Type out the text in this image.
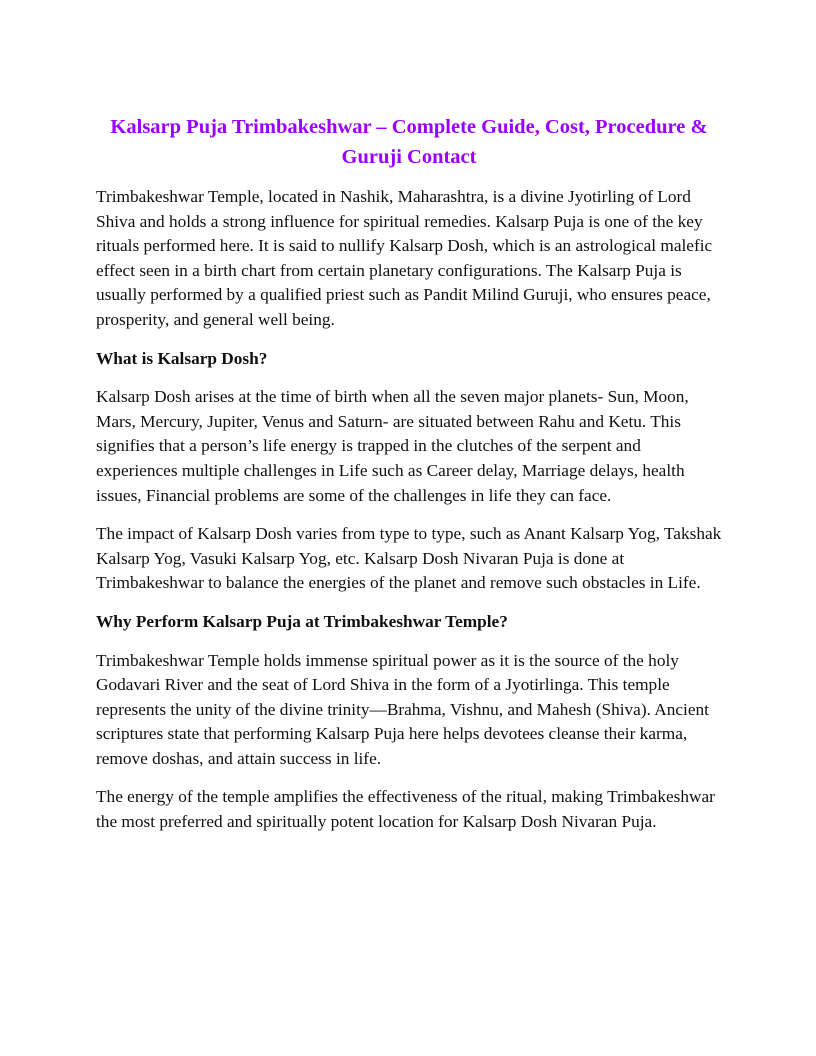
Kalsarp Puja Trimbakeshwar – Complete Guide, Cost, Procedure & Guruji Contact

Trimbakeshwar Temple, located in Nashik, Maharashtra, is a divine Jyotirling of Lord Shiva and holds a strong influence for spiritual remedies. Kalsarp Puja is one of the key rituals performed here. It is said to nullify Kalsarp Dosh, which is an astrological malefic effect seen in a birth chart from certain planetary configurations. The Kalsarp Puja is usually performed by a qualified priest such as Pandit Milind Guruji, who ensures peace, prosperity, and general well being.

What is Kalsarp Dosh?

Kalsarp Dosh arises at the time of birth when all the seven major planets- Sun, Moon, Mars, Mercury, Jupiter, Venus and Saturn- are situated between Rahu and Ketu. This signifies that a person’s life energy is trapped in the clutches of the serpent and experiences multiple challenges in Life such as Career delay, Marriage delays, health issues, Financial problems are some of the challenges in life they can face.

The impact of Kalsarp Dosh varies from type to type, such as Anant Kalsarp Yog, Takshak Kalsarp Yog, Vasuki Kalsarp Yog, etc. Kalsarp Dosh Nivaran Puja is done at Trimbakeshwar to balance the energies of the planet and remove such obstacles in Life.

Why Perform Kalsarp Puja at Trimbakeshwar Temple?

Trimbakeshwar Temple holds immense spiritual power as it is the source of the holy Godavari River and the seat of Lord Shiva in the form of a Jyotirlinga. This temple represents the unity of the divine trinity—Brahma, Vishnu, and Mahesh (Shiva). Ancient scriptures state that performing Kalsarp Puja here helps devotees cleanse their karma, remove doshas, and attain success in life.

The energy of the temple amplifies the effectiveness of the ritual, making Trimbakeshwar the most preferred and spiritually potent location for Kalsarp Dosh Nivaran Puja.
